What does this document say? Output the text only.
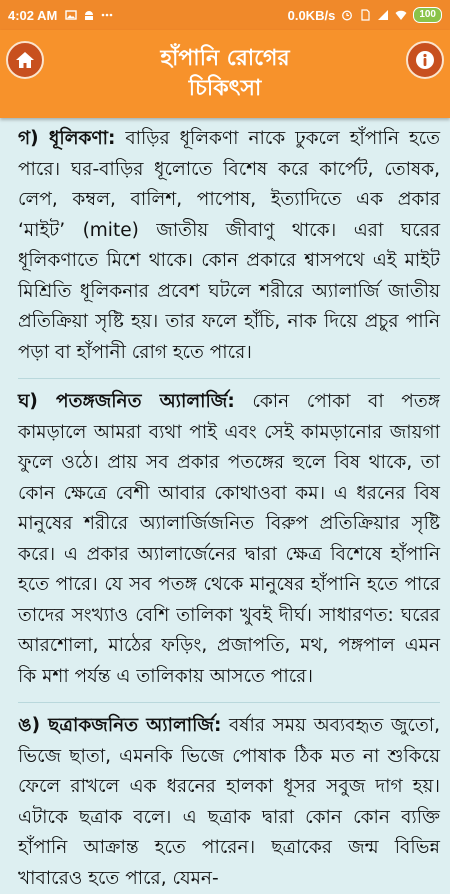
4:02 AM	0.0KB/s	100
হাঁপানি রোগের
চিকিৎসা

গ) ধূলিকণা: বাড়ির ধূলিকণা নাকে ঢুকলে হাঁপানি হতে পারে। ঘর-বাড়ির ধূলোতে বিশেষ করে কার্পেট, তোষক, লেপ, কম্বল, বালিশ, পাপোষ, ইত্যাদিতে এক প্রকার ‘মাইট’ (mite) জাতীয় জীবাণু থাকে। এরা ঘরের ধূলিকণাতে মিশে থাকে। কোন প্রকারে শ্বাসপথে এই মাইট মিশ্রিতি ধূলিকনার প্রবেশ ঘটলে শরীরে অ্যালার্জি জাতীয় প্রতিক্রিয়া সৃষ্টি হয়। তার ফলে হাঁচি, নাক দিয়ে প্রচুর পানি পড়া বা হাঁপানী রোগ হতে পারে।

ঘ) পতঙ্গজনিত অ্যালার্জি: কোন পোকা বা পতঙ্গ কামড়ালে আমরা ব্যথা পাই এবং সেই কামড়ানোর জায়গা ফুলে ওঠে। প্রায় সব প্রকার পতঙ্গের হুলে বিষ থাকে, তা কোন ক্ষেত্রে বেশী আবার কোথাওবা কম। এ ধরনের বিষ মানুষের শরীরে অ্যালার্জিজনিত বিরুপ প্রতিক্রিয়ার সৃষ্টি করে। এ প্রকার অ্যালার্জেনের দ্বারা ক্ষেত্র বিশেষে হাঁপানি হতে পারে। যে সব পতঙ্গ থেকে মানুষের হাঁপানি হতে পারে তাদের সংখ্যাও বেশি তালিকা খুবই দীর্ঘ। সাধারণত: ঘরের আরশোলা, মাঠের ফড়িং, প্রজাপতি, মথ, পঙ্গপাল এমন কি মশা পর্যন্ত এ তালিকায় আসতে পারে।

ঙ) ছত্রাকজনিত অ্যালার্জি: বর্ষার সময় অব্যবহৃত জুতো, ভিজে ছাতা, এমনকি ভিজে পোষাক ঠিক মত না শুকিয়ে ফেলে রাখলে এক ধরনের হালকা ধূসর সবুজ দাগ হয়। এটাকে ছত্রাক বলে। এ ছত্রাক দ্বারা কোন কোন ব্যক্তি হাঁপানি আক্রান্ত হতে পারেন। ছত্রাকের জন্ম বিভিন্ন খাবারেও হতে পারে, যেমন-
